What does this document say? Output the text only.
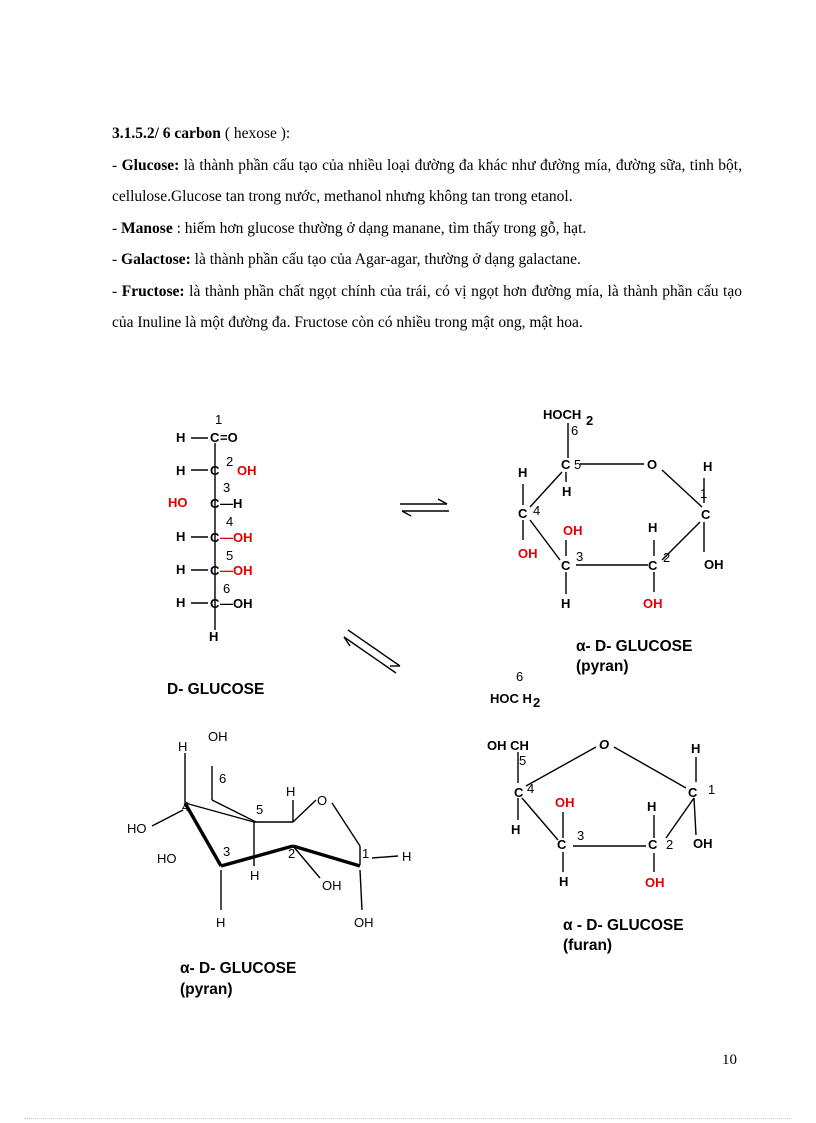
3.1.5.2/ 6 carbon ( hexose ):

- Glucose: là thành phần cấu tạo của nhiều loại đường đa khác như đường mía, đường sữa, tinh bột, cellulose.Glucose tan trong nước, methanol nhưng không tan trong etanol.

- Manose : hiếm hơn glucose thường ở dạng manane, tìm thấy trong gỗ, hạt.

- Galactose: là thành phần cấu tạo của Agar-agar, thường ở dạng galactane.

- Fructose: là thành phần chất ngọt chính của trái, có vị ngọt hơn đường mía, là thành phần cấu tạo của Inuline là một đường đa. Fructose còn có nhiều trong mật ong, mật hoa.

1
H C =O
2
H C OH
3
HO C —H
4
H C —OH
5
H C —OH
6
H C —OH
H
D- GLUCOSE
HOCH 2
6
C 5
H
O	H
1
C
OH
H
C
2
OH
OH
C
3
H
H
C 4
OH
α- D- GLUCOSE
(pyran)
H
OH
6
4
HO
5
H
O
HO	3
H
2
OH
1	H
H	OH
α- D- GLUCOSE
(pyran)
6
HOC H 2
OH CH
5
C 4
H
O	H
C 1
OH
OH
C
3
H
H
C 2
OH
α - D- GLUCOSE
(furan)
10
